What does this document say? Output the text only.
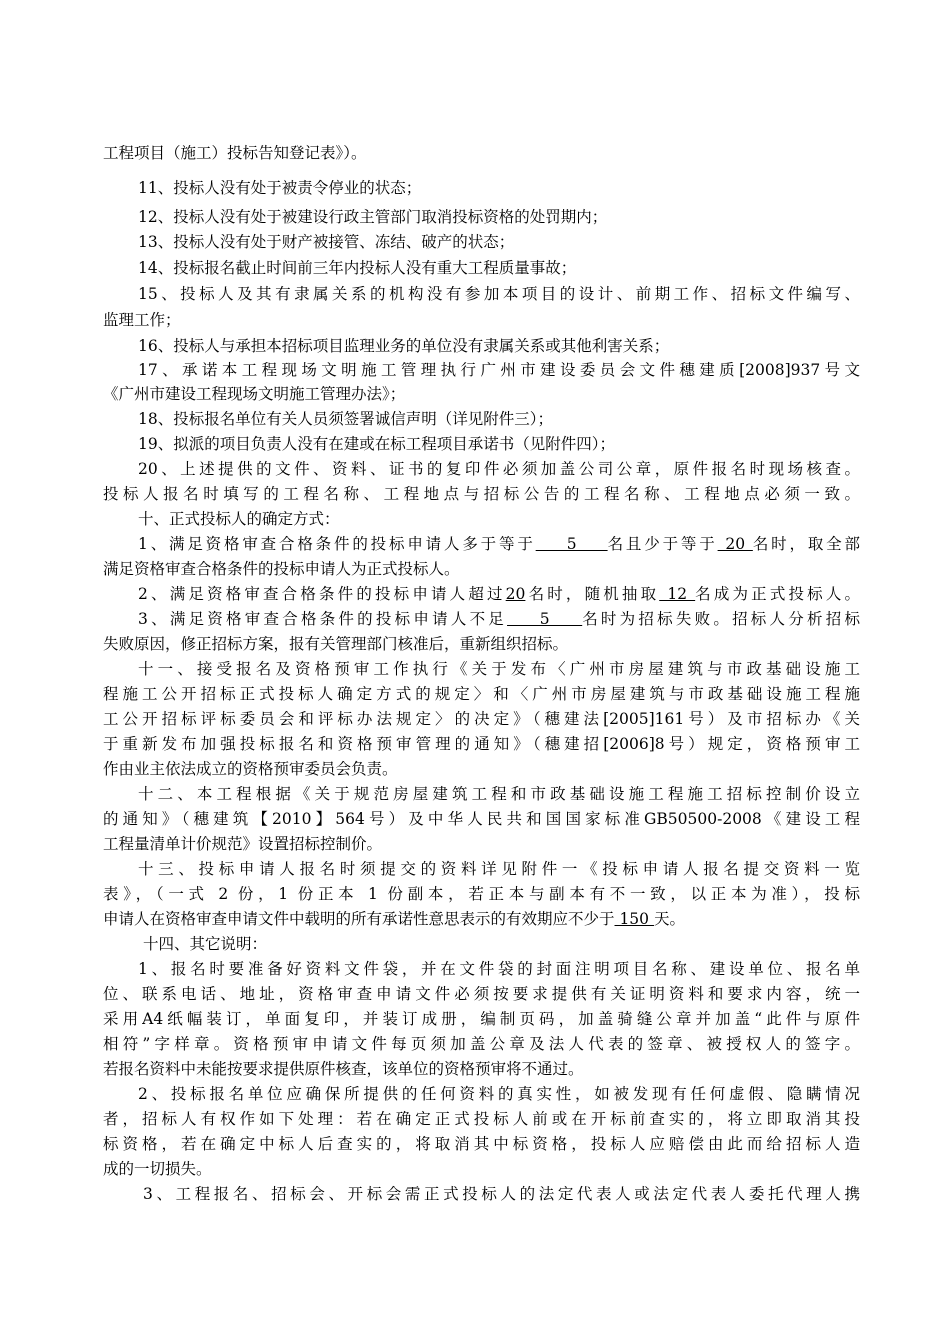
工程项目（施工）投标告知登记表》）。
11、投标人没有处于被责令停业的状态；
12、投标人没有处于被建设行政主管部门取消投标资格的处罚期内；
13、投标人没有处于财产被接管、冻结、破产的状态；
14、投标报名截止时间前三年内投标人没有重大工程质量事故；
15、投标人及其有隶属关系的机构没有参加本项目的设计、前期工作、招标文件编写、
监理工作；
16、投标人与承担本招标项目监理业务的单位没有隶属关系或其他利害关系；
17、承诺本工程现场文明施工管理执行广州市建设委员会文件穗建质[2008]937号文
《广州市建设工程现场文明施工管理办法》；
18、投标报名单位有关人员须签署诚信声明（详见附件三）；
19、拟派的项目负责人没有在建或在标工程项目承诺书（见附件四）；
20、上述提供的文件、资料、证书的复印件必须加盖公司公章，原件报名时现场核查。
投标人报名时填写的工程名称、工程地点与招标公告的工程名称、工程地点必须一致。
十、正式投标人的确定方式：
1、满足资格审查合格条件的投标申请人多于等于    5    名且少于等于 20 名时，取全部
满足资格审查合格条件的投标申请人为正式投标人。
2、满足资格审查合格条件的投标申请人超过20名时，随机抽取 12 名成为正式投标人。
3、满足资格审查合格条件的投标申请人不足    5    名时为招标失败。招标人分析招标
失败原因，修正招标方案，报有关管理部门核准后，重新组织招标。
十一、接受报名及资格预审工作执行《关于发布〈广州市房屋建筑与市政基础设施工
程施工公开招标正式投标人确定方式的规定〉和〈广州市房屋建筑与市政基础设施工程施
工公开招标评标委员会和评标办法规定〉的决定》（穗建法[2005]161号）及市招标办《关
于重新发布加强投标报名和资格预审管理的通知》（穗建招[2006]8号）规定，资格预审工
作由业主依法成立的资格预审委员会负责。
十二、本工程根据《关于规范房屋建筑工程和市政基础设施工程施工招标控制价设立
的通知》（穗建筑【2010】564号）及中华人民共和国国家标准GB50500-2008《建设工程
工程量清单计价规范》设置招标控制价。
十三、投标申请人报名时须提交的资料详见附件一《投标申请人报名提交资料一览
表》，（一式 2 份，1 份正本 1 份副本，若正本与副本有不一致，以正本为准），投标
申请人在资格审查申请文件中载明的所有承诺性意思表示的有效期应不少于 150 天。
十四、其它说明：
1、报名时要准备好资料文件袋，并在文件袋的封面注明项目名称、建设单位、报名单
位、联系电话、地址，资格审查申请文件必须按要求提供有关证明资料和要求内容，统一
采用A4纸幅装订，单面复印，并装订成册，编制页码，加盖骑缝公章并加盖“此件与原件
相符”字样章。资格预审申请文件每页须加盖公章及法人代表的签章、被授权人的签字。
若报名资料中未能按要求提供原件核查，该单位的资格预审将不通过。
2、投标报名单位应确保所提供的任何资料的真实性，如被发现有任何虚假、隐瞒情况
者，招标人有权作如下处理：若在确定正式投标人前或在开标前查实的，将立即取消其投
标资格，若在确定中标人后查实的，将取消其中标资格，投标人应赔偿由此而给招标人造
成的一切损失。
3、工程报名、招标会、开标会需正式投标人的法定代表人或法定代表人委托代理人携
